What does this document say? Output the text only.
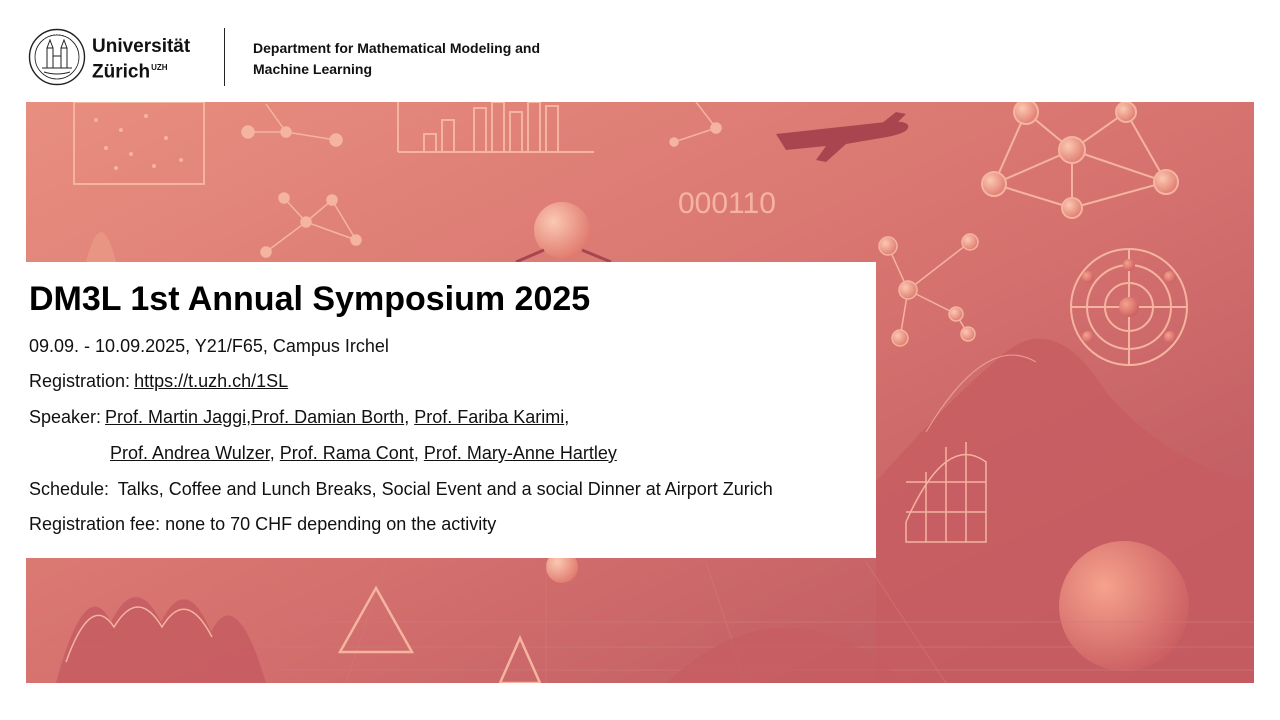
Universität
Zürich$^{UZH}$
Department for Mathematical Modeling and
Machine Learning
000110
DM3L 1st Annual Symposium 2025
09.09. - 10.09.2025, Y21/F65, Campus Irchel
Registration: https://t.uzh.ch/1SL
Speaker: Prof. Martin Jaggi,Prof. Damian Borth, Prof. Fariba Karimi,
Prof. Andrea Wulzer, Prof. Rama Cont, Prof. Mary-Anne Hartley
Schedule: Talks, Coffee and Lunch Breaks, Social Event and a social Dinner at Airport Zurich
Registration fee: none to 70 CHF depending on the activity
